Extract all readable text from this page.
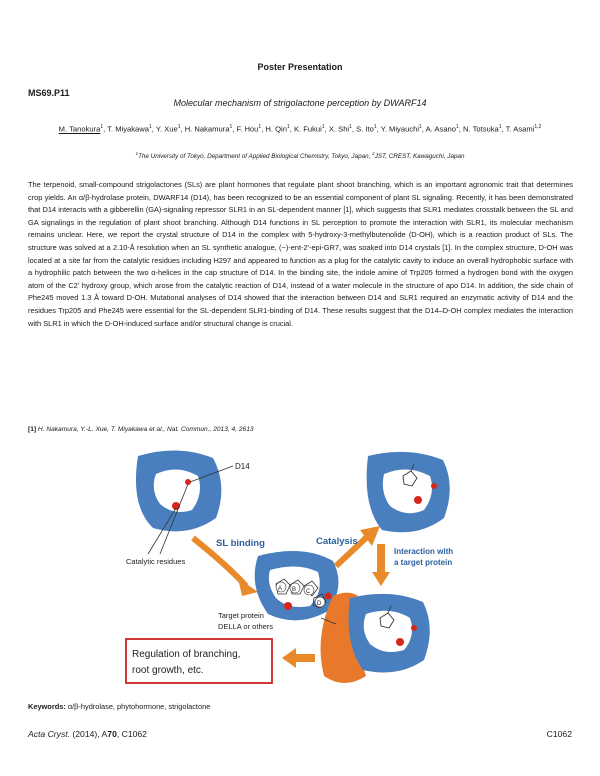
Poster Presentation
MS69.P11
Molecular mechanism of strigolactone perception by DWARF14
M. Tanokura$^1$, T. Miyakawa$^1$, Y. Xue$^1$, H. Nakamura$^1$, F. Hou$^1$, H. Qin$^1$, K. Fukui$^1$, X. Shi$^1$, S. Ito$^1$, Y. Miyauchi$^1$, A. Asano$^1$, N. Totsuka$^1$, T. Asami$^{1,2}$
$^1$The University of Tokyo, Department of Applied Biological Chemistry, Tokyo, Japan, $^2$JST, CREST, Kawaguchi, Japan
The terpenoid, small-compound strigolactones (SLs) are plant hormones that regulate plant shoot branching, which is an important agronomic trait that determines crop yields. An α/β-hydrolase protein, DWARF14 (D14), has been recognized to be an essential component of plant SL signaling. Recently, it has been demonstrated that D14 interacts with a gibberellin (GA)-signaling repressor SLR1 in an SL-dependent manner [1], which suggests that SLR1 mediates crosstalk between the SL and GA signalings in the regulation of plant shoot branching. Although D14 functions in SL perception to promote the interaction with SLR1, its molecular mechanism remains unclear. Here, we report the crystal structure of D14 in the complex with 5-hydroxy-3-methylbutenolide (D-OH), which is a reaction product of SLs. The structure was solved at a 2.10-Å resolution when an SL synthetic analogue, (−)-ent-2′-epi-GR7, was soaked into D14 crystals [1]. In the complex structure, D-OH was located at a site far from the catalytic residues including H297 and appeared to function as a plug for the catalytic cavity to induce an overall hydrophobic surface with a hydrophilic patch between the two α-helices in the cap structure of D14. In the binding site, the indole amine of Trp205 formed a hydrogen bond with the oxygen atom of the C2' hydroxy group, which arose from the catalytic reaction of D14, instead of a water molecule in the structure of apo D14. In addition, the side chain of Phe245 moved 1.3 Å toward D-OH. Mutational analyses of D14 showed that the interaction between D14 and SLR1 required an enzymatic activity of D14 and the residues Trp205 and Phe245 were essential for the SL-dependent SLR1-binding of D14. These results suggest that the D14–D-OH complex mediates the interaction with SLR1 in which the D-OH-induced surface and/or structural change is crucial.
[1] H. Nakamura, Y.-L. Xue, T. Miyakawa et al., Nat. Commun., 2013, 4, 2613
D14
Catalytic residues
SL binding
A B C
D
Catalysis
Interaction with
a target protein
Target protein
DELLA or others
Regulation of branching,
root growth, etc.
Keywords: α/β-hydrolase, phytohormone, strigolactone
Acta Cryst. (2014), A70, C1062	C1062
